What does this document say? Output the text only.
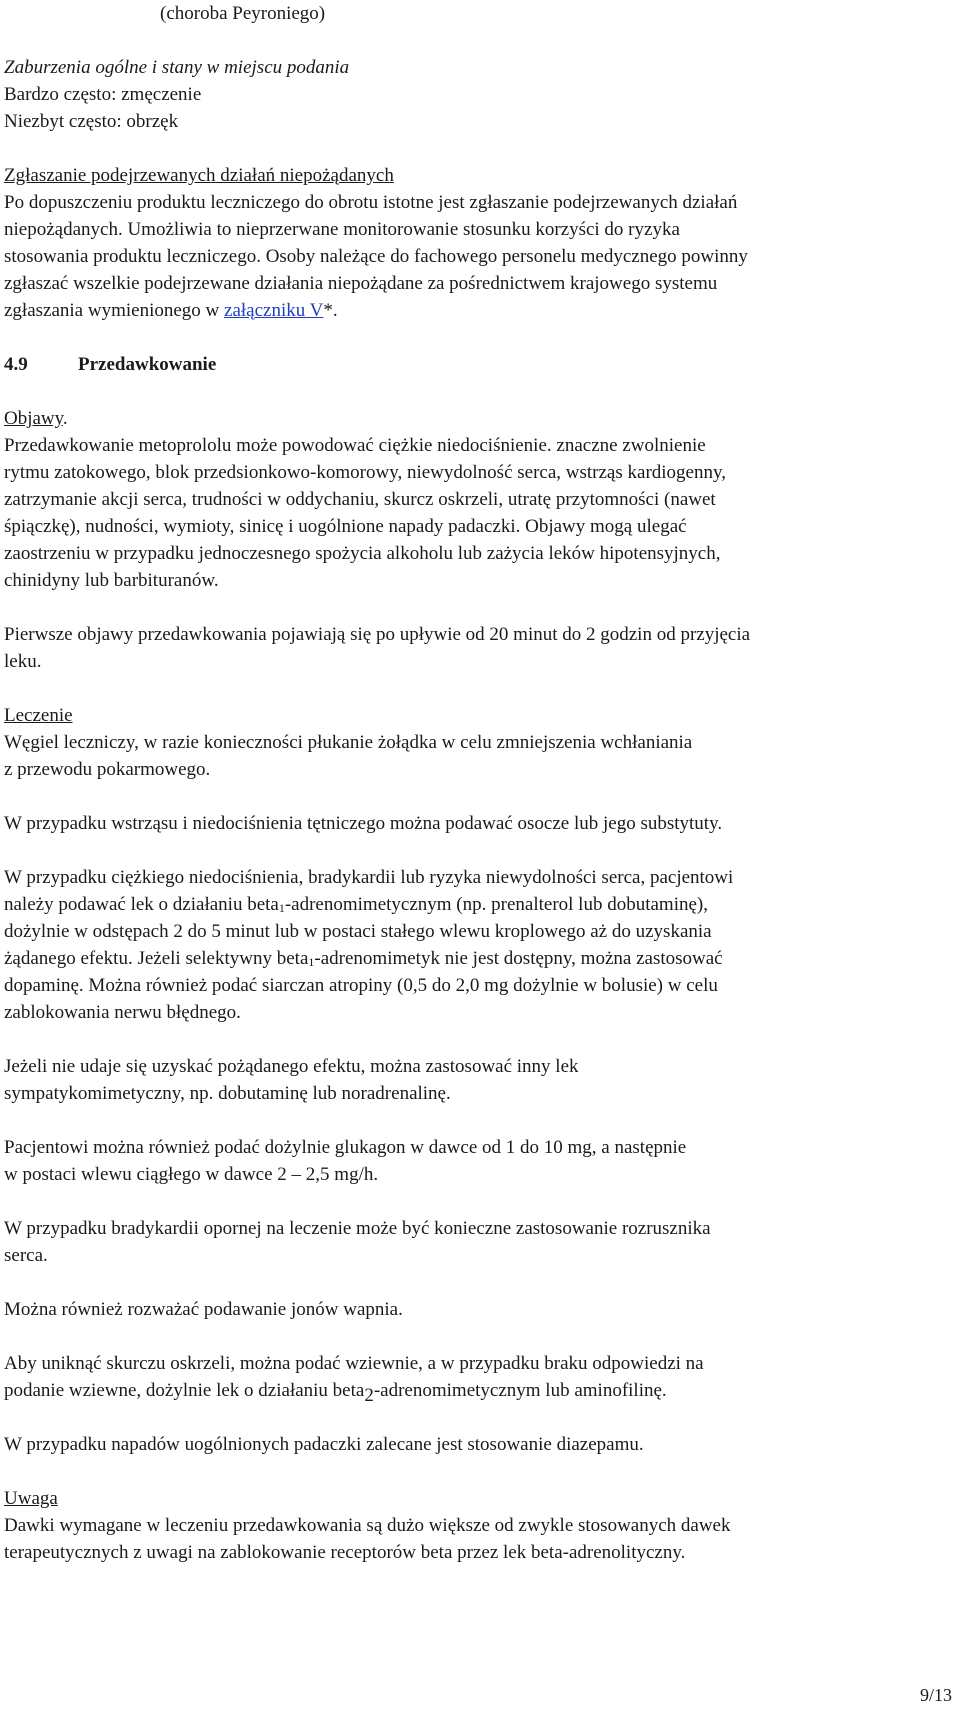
(choroba Peyroniego)

Zaburzenia ogólne i stany w miejscu podania

Bardzo często: zmęczenie

Niezbyt często: obrzęk

Zgłaszanie podejrzewanych działań niepożądanych

Po dopuszczeniu produktu leczniczego do obrotu istotne jest zgłaszanie podejrzewanych działań

niepożądanych. Umożliwia to nieprzerwane monitorowanie stosunku korzyści do ryzyka

stosowania produktu leczniczego. Osoby należące do fachowego personelu medycznego powinny

zgłaszać wszelkie podejrzewane działania niepożądane za pośrednictwem krajowego systemu

zgłaszania wymienionego w załączniku V*.

4.9	Przedawkowanie

Objawy.

Przedawkowanie metoprololu może powodować ciężkie niedociśnienie. znaczne zwolnienie

rytmu zatokowego, blok przedsionkowo-komorowy, niewydolność serca, wstrząs kardiogenny,

zatrzymanie akcji serca, trudności w oddychaniu, skurcz oskrzeli, utratę przytomności (nawet

śpiączkę), nudności, wymioty, sinicę i uogólnione napady padaczki. Objawy mogą ulegać

zaostrzeniu w przypadku jednoczesnego spożycia alkoholu lub zażycia leków hipotensyjnych,

chinidyny lub barbituranów.

Pierwsze objawy przedawkowania pojawiają się po upływie od 20 minut do 2 godzin od przyjęcia

leku.

Leczenie

Węgiel leczniczy, w razie konieczności płukanie żołądka w celu zmniejszenia wchłaniania

z przewodu pokarmowego.

W przypadku wstrząsu i niedociśnienia tętniczego można podawać osocze lub jego substytuty.

W przypadku ciężkiego niedociśnienia, bradykardii lub ryzyka niewydolności serca, pacjentowi

należy podawać lek o działaniu beta$_1$-adrenomimetycznym (np. prenalterol lub dobutaminę),

dożylnie w odstępach 2 do 5 minut lub w postaci stałego wlewu kroplowego aż do uzyskania

żądanego efektu. Jeżeli selektywny beta$_1$-adrenomimetyk nie jest dostępny, można zastosować

dopaminę. Można również podać siarczan atropiny (0,5 do 2,0 mg dożylnie w bolusie) w celu

zablokowania nerwu błędnego.

Jeżeli nie udaje się uzyskać pożądanego efektu, można zastosować inny lek

sympatykomimetyczny, np. dobutaminę lub noradrenalinę.

Pacjentowi można również podać dożylnie glukagon w dawce od 1 do 10 mg, a następnie

w postaci wlewu ciągłego w dawce 2 – 2,5 mg/h.

W przypadku bradykardii opornej na leczenie może być konieczne zastosowanie rozrusznika

serca.

Można również rozważać podawanie jonów wapnia.

Aby uniknąć skurczu oskrzeli, można podać wziewnie, a w przypadku braku odpowiedzi na

podanie wziewne, dożylnie lek o działaniu beta$_2$-adrenomimetycznym lub aminofilinę.

W przypadku napadów uogólnionych padaczki zalecane jest stosowanie diazepamu.

Uwaga

Dawki wymagane w leczeniu przedawkowania są dużo większe od zwykle stosowanych dawek

terapeutycznych z uwagi na zablokowanie receptorów beta przez lek beta-adrenolityczny.

9/13
